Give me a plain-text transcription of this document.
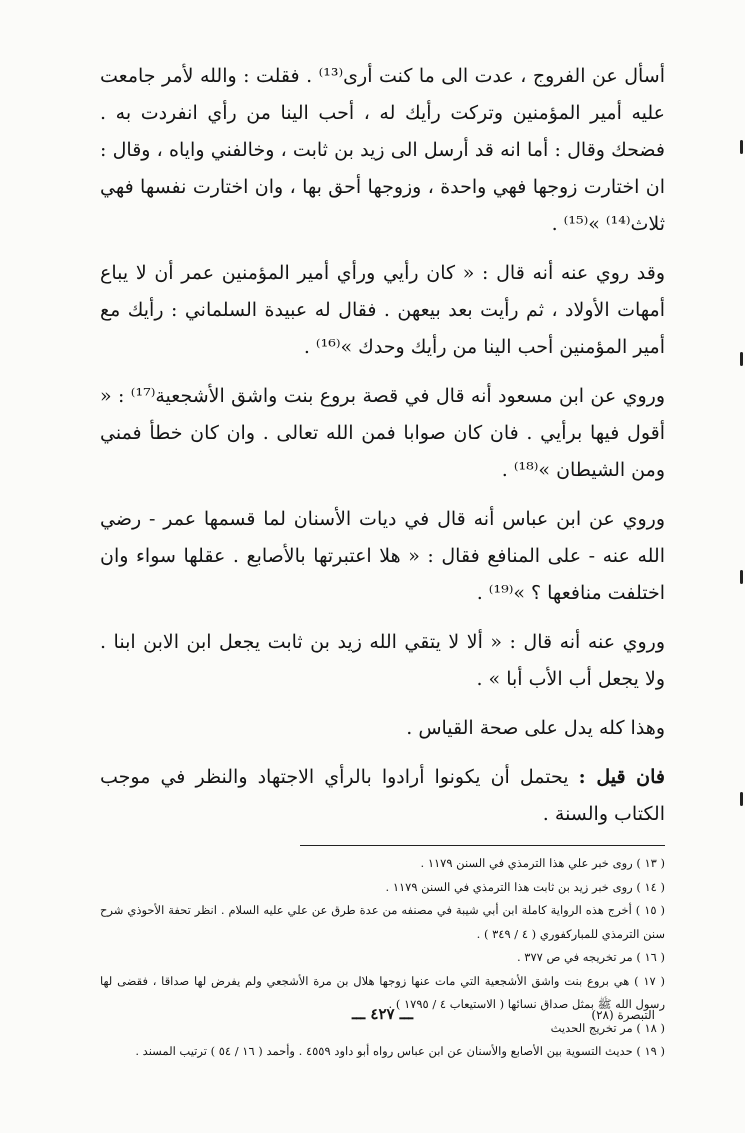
أسأل عن الفروج ، عدت الى ما كنت أرى⁽¹³⁾ . فقلت : والله لأمر جامعت عليه أمير المؤمنين وتركت رأيك له ، أحب الينا من رأي انفردت به . فضحك وقال : أما انه قد أرسل الى زيد بن ثابت ، وخالفني واياه ، وقال : ان اختارت زوجها فهي واحدة ، وزوجها أحق بها ، وان اختارت نفسها فهي ثلاث⁽¹⁴⁾ »⁽¹⁵⁾ .

وقد روي عنه أنه قال : « كان رأيي ورأي أمير المؤمنين عمر أن لا يباع أمهات الأولاد ، ثم رأيت بعد بيعهن . فقال له عبيدة السلماني : رأيك مع أمير المؤمنين أحب الينا من رأيك وحدك »⁽¹⁶⁾ .

وروي عن ابن مسعود أنه قال في قصة بروع بنت واشق الأشجعية⁽¹⁷⁾ : « أقول فيها برأيي . فان كان صوابا فمن الله تعالى . وان كان خطأ فمني ومن الشيطان »⁽¹⁸⁾ .

وروي عن ابن عباس أنه قال في ديات الأسنان لما قسمها عمر - رضي الله عنه - على المنافع فقال : « هلا اعتبرتها بالأصابع . عقلها سواء وان اختلفت منافعها ؟ »⁽¹⁹⁾ .

وروي عنه أنه قال : « ألا لا يتقي الله زيد بن ثابت يجعل ابن الابن ابنا . ولا يجعل أب الأب أبا » .

وهذا كله يدل على صحة القياس .

فان قيل : يحتمل أن يكونوا أرادوا بالرأي الاجتهاد والنظر في موجب الكتاب والسنة .

( ١٣ ) روى خبر علي هذا الترمذي في السنن ١١٧٩ .

( ١٤ ) روى خبر زيد بن ثابت هذا الترمذي في السنن ١١٧٩ .

( ١٥ ) أخرج هذه الرواية كاملة ابن أبي شيبة في مصنفه من عدة طرق عن علي عليه السلام . انظر تحفة الأحوذي شرح سنن الترمذي للمباركفوري ( ٤ / ٣٤٩ ) .

( ١٦ ) مر تخريجه في ص ٣٧٧ .

( ١٧ ) هي بروع بنت واشق الأشجعية التي مات عنها زوجها هلال بن مرة الأشجعي ولم يفرض لها صداقا ، فقضى لها رسول الله ﷺ بمثل صداق نسائها ( الاستيعاب ٤ / ١٧٩٥ ) .

( ١٨ ) مر تخريج الحديث

( ١٩ ) حديث التسوية بين الأصابع والأسنان عن ابن عباس رواه أبو داود ٤٥٥٩ . وأحمد ( ١٦ / ٥٤ ) ترتيب المسند .

التبصرة (٢٨)
ـــ ٤٢٧ ـــ
